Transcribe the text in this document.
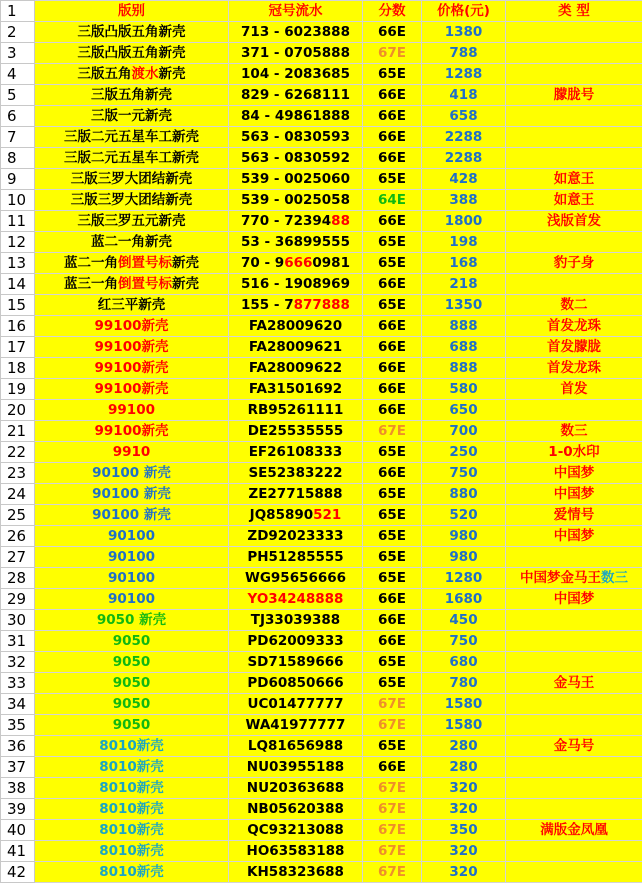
1	版别	冠号流水	分数	价格(元)	类 型
2	三版凸版五角新壳	713 - 6023888	66E	1380	
3	三版凸版五角新壳	371 - 0705888	67E	788	
4	三版五角渡水新壳	104 - 2083685	65E	1288	
5	三版五角新壳	829 - 6268111	66E	418	朦胧号
6	三版一元新壳	84 - 49861888	66E	658	
7	三版二元五星车工新壳	563 - 0830593	66E	2288	
8	三版二元五星车工新壳	563 - 0830592	66E	2288	
9	三版三罗大团结新壳	539 - 0025060	65E	428	如意王
10	三版三罗大团结新壳	539 - 0025058	64E	388	如意王
11	三版三罗五元新壳	770 - 7239488	66E	1800	浅版首发
12	蓝二一角新壳	53 - 36899555	65E	198	
13	蓝二一角倒置号标新壳	70 - 96660981	65E	168	豹子身
14	蓝三一角倒置号标新壳	516 - 1908969	66E	218	
15	红三平新壳	155 - 7877888	65E	1350	数二
16	99100新壳	FA28009620	66E	888	首发龙珠
17	99100新壳	FA28009621	66E	688	首发朦胧
18	99100新壳	FA28009622	66E	888	首发龙珠
19	99100新壳	FA31501692	66E	580	首发
20	99100	RB95261111	66E	650	
21	99100新壳	DE25535555	67E	700	数三
22	9910	EF26108333	65E	250	1-0水印
23	90100 新壳	SE52383222	66E	750	中国梦
24	90100 新壳	ZE27715888	65E	880	中国梦
25	90100 新壳	JQ85890521	65E	520	爱情号
26	90100	ZD92023333	65E	980	中国梦
27	90100	PH51285555	65E	980	
28	90100	WG95656666	65E	1280	中国梦金马王数三
29	90100	YO34248888	66E	1680	中国梦
30	9050 新壳	TJ33039388	66E	450	
31	9050	PD62009333	66E	750	
32	9050	SD71589666	65E	680	
33	9050	PD60850666	65E	780	金马王
34	9050	UC01477777	67E	1580	
35	9050	WA41977777	67E	1580	
36	8010新壳	LQ81656988	65E	280	金马号
37	8010新壳	NU03955188	66E	280	
38	8010新壳	NU20363688	67E	320	
39	8010新壳	NB05620388	67E	320	
40	8010新壳	QC93213088	67E	350	满版金凤凰
41	8010新壳	HO63583188	67E	320	
42	8010新壳	KH58323688	67E	320	
